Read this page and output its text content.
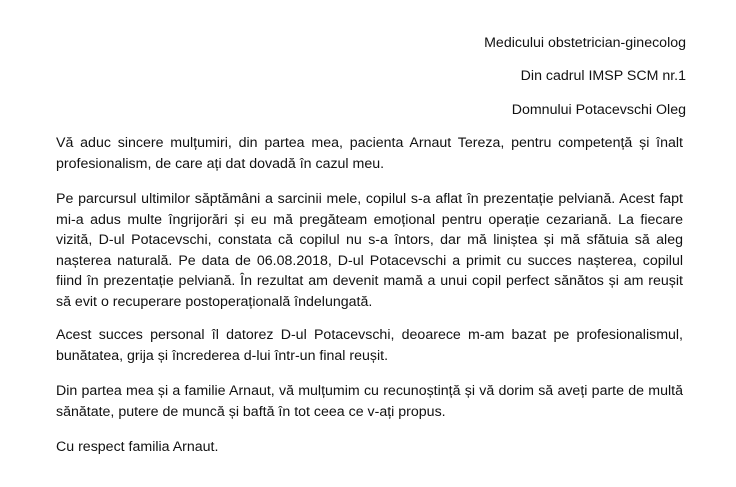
Medicului obstetrician-ginecolog
Din cadrul IMSP SCM nr.1
Domnului Potacevschi Oleg

Vă aduc sincere mulțumiri, din partea mea, pacienta Arnaut Tereza, pentru competență și înalt profesionalism, de care ați dat dovadă în cazul meu.

Pe parcursul ultimilor săptămâni a sarcinii mele, copilul s-a aflat în prezentație pelviană. Acest fapt mi-a adus multe îngrijorări și eu mă pregăteam emoțional pentru operație cezariană. La fiecare vizită, D-ul Potacevschi, constata că copilul nu s-a întors, dar mă liniștea și mă sfătuia să aleg nașterea naturală. Pe data de 06.08.2018, D-ul Potacevschi a primit cu succes nașterea, copilul fiind în prezentație pelviană. În rezultat am devenit mamă a unui copil perfect sănătos și am reușit să evit o recuperare postoperațională îndelungată.

Acest succes personal îl datorez D-ul Potacevschi, deoarece m-am bazat pe profesionalismul, bunătatea, grija și încrederea d-lui într-un final reușit.

Din partea mea și a familie Arnaut, vă mulțumim cu recunoștință și vă dorim să aveți parte de multă sănătate, putere de muncă și baftă în tot ceea ce v-ați propus.

Cu respect familia Arnaut.
